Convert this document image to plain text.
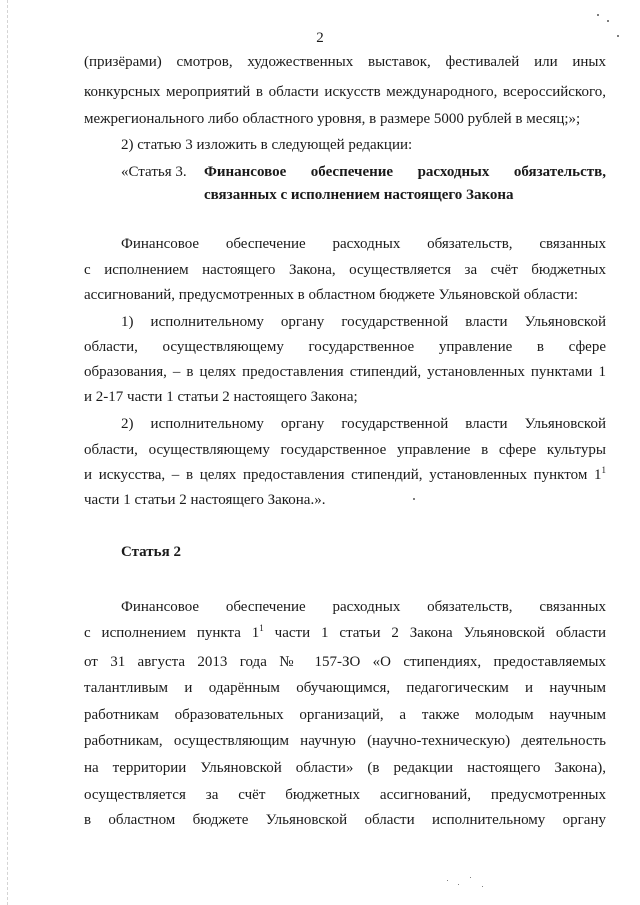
2
(призёрами) смотров, художественных выставок, фестивалей или иных
конкурсных мероприятий в области искусств международного, всероссийского,
межрегионального либо областного уровня, в размере 5000 рублей в месяц;»;
2) статью 3 изложить в следующей редакции:
«Статья 3. Финансовое обеспечение расходных обязательств,
связанных с исполнением настоящего Закона
Финансовое обеспечение расходных обязательств, связанных
с исполнением настоящего Закона, осуществляется за счёт бюджетных
ассигнований, предусмотренных в областном бюджете Ульяновской области:
1) исполнительному органу государственной власти Ульяновской
области, осуществляющему государственное управление в сфере
образования, – в целях предоставления стипендий, установленных пунктами 1
и 2-17 части 1 статьи 2 настоящего Закона;
2) исполнительному органу государственной власти Ульяновской
области, осуществляющему государственное управление в сфере культуры
и искусства, – в целях предоставления стипендий, установленных пунктом $1^1$
части 1 статьи 2 настоящего Закона.».
Статья 2
Финансовое обеспечение расходных обязательств, связанных
с исполнением пункта $1^1$ части 1 статьи 2 Закона Ульяновской области
от 31 августа 2013 года № 157-ЗО «О стипендиях, предоставляемых
талантливым и одарённым обучающимся, педагогическим и научным
работникам образовательных организаций, а также молодым научным
работникам, осуществляющим научную (научно-техническую) деятельность
на территории Ульяновской области» (в редакции настоящего Закона),
осуществляется за счёт бюджетных ассигнований, предусмотренных
в областном бюджете Ульяновской области исполнительному органу
